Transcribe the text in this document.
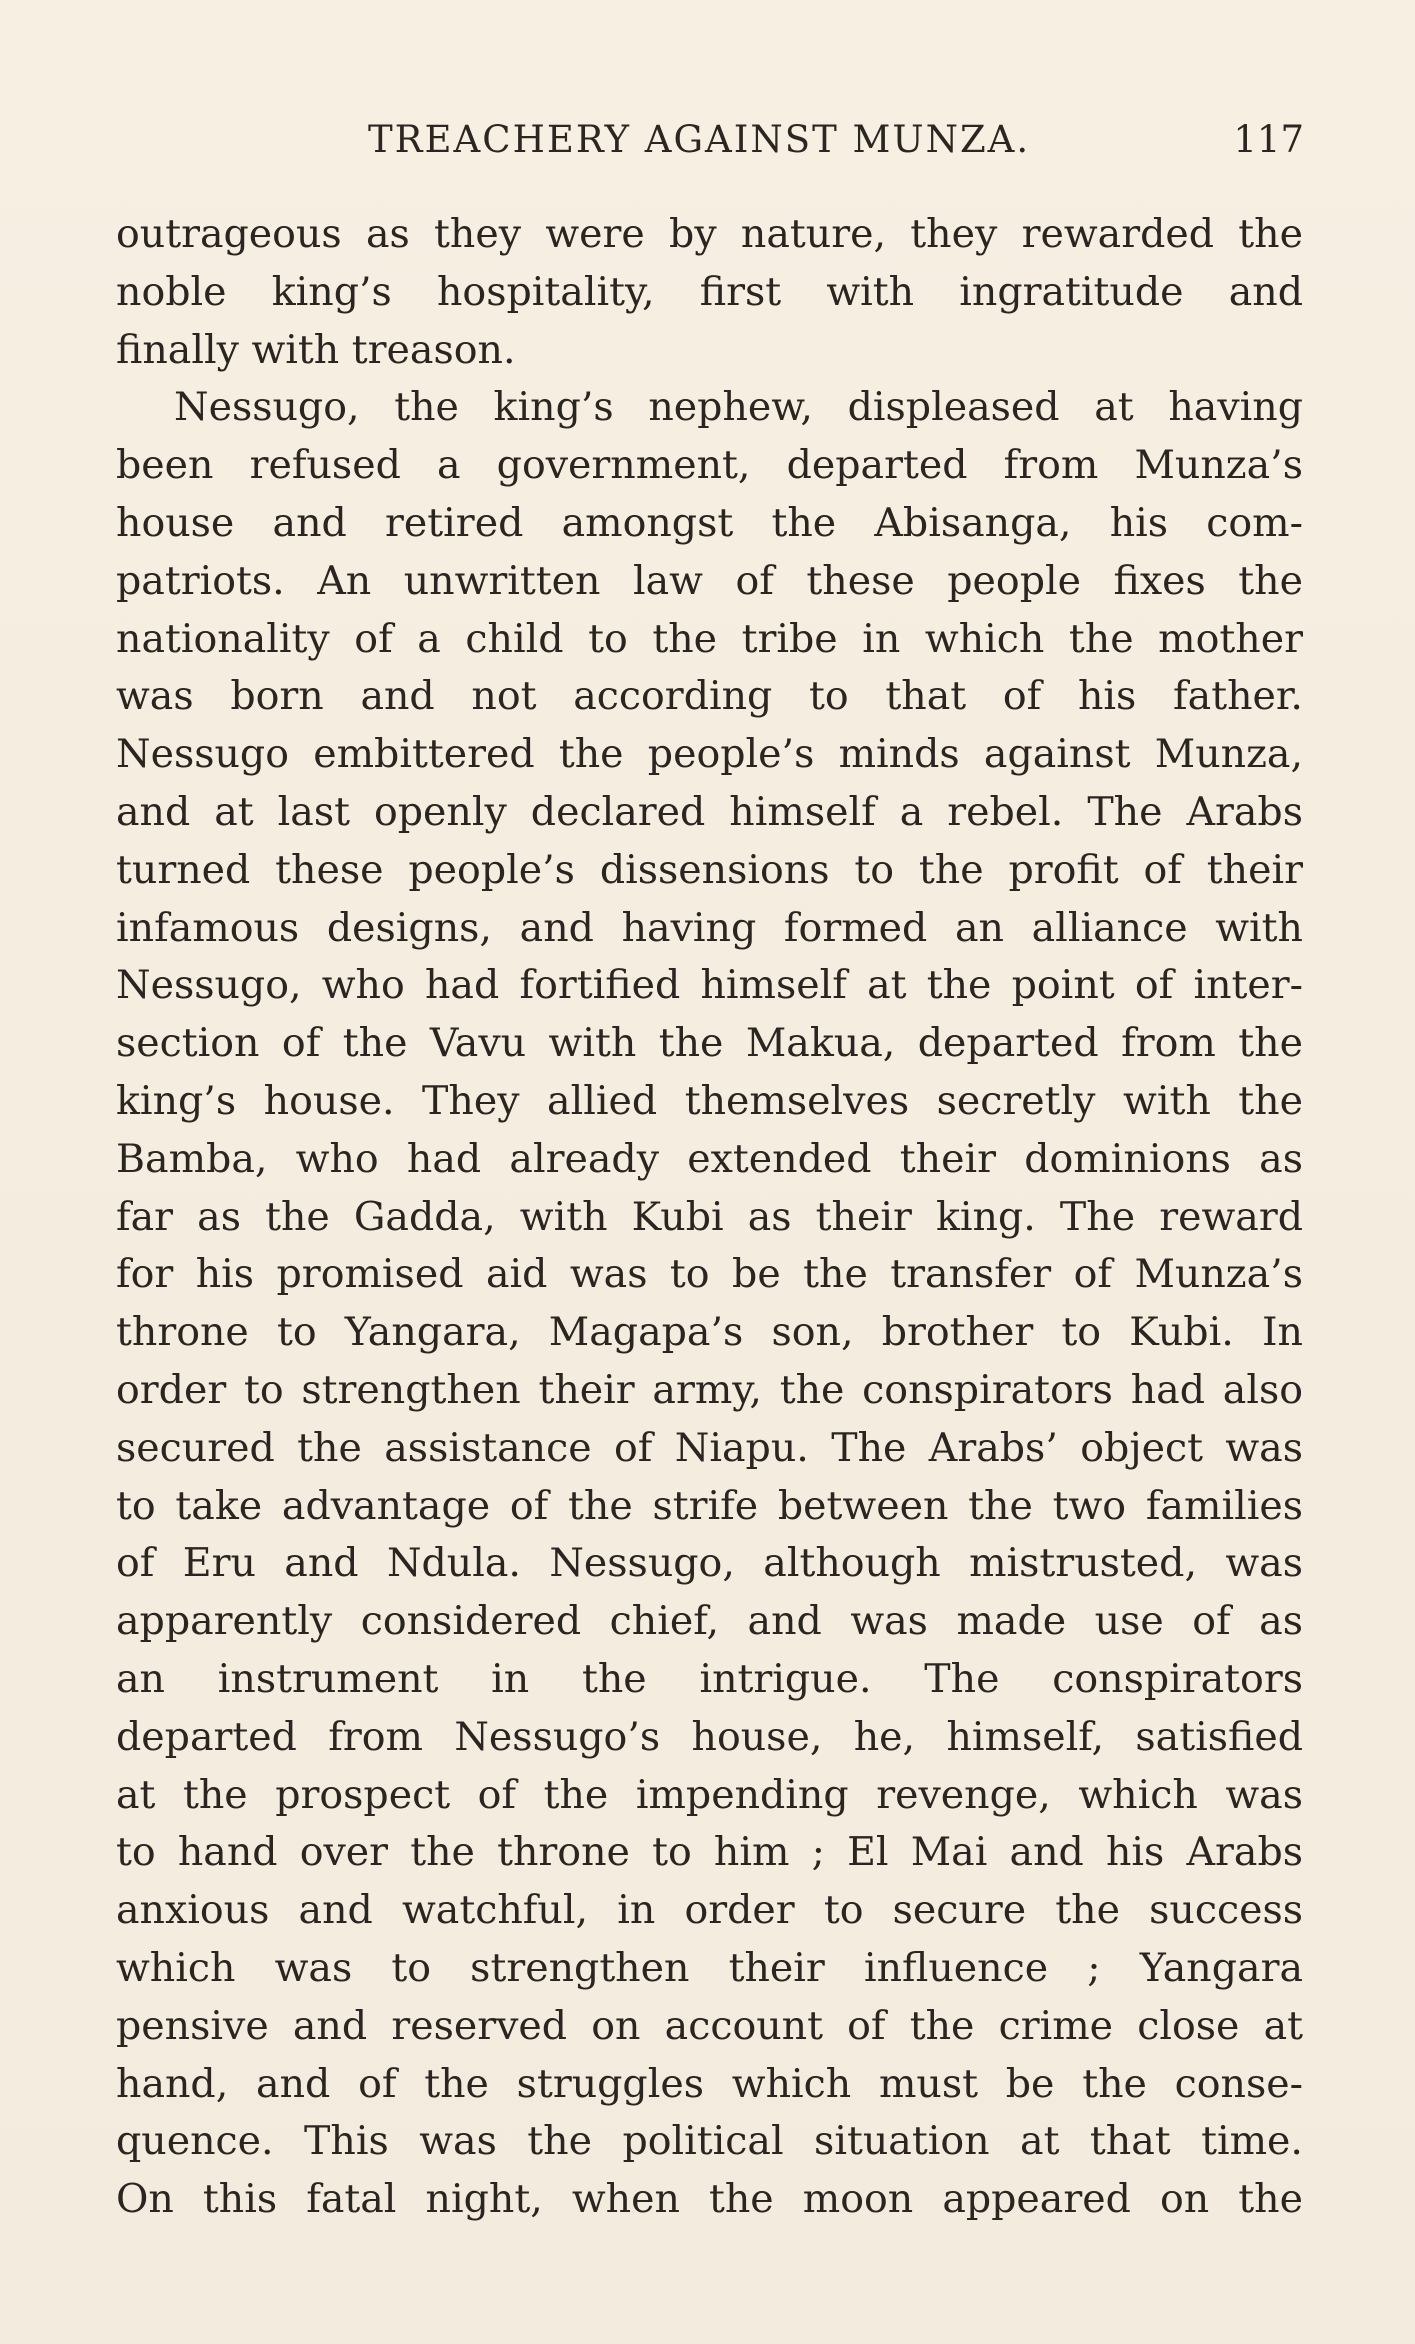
TREACHERY AGAINST MUNZA.	117
outrageous as they were by nature, they rewarded the
noble king’s hospitality, first with ingratitude and
finally with treason.
Nessugo, the king’s nephew, displeased at having
been refused a government, departed from Munza’s
house and retired amongst the Abisanga, his com-
patriots. An unwritten law of these people fixes the
nationality of a child to the tribe in which the mother
was born and not according to that of his father.
Nessugo embittered the people’s minds against Munza,
and at last openly declared himself a rebel. The Arabs
turned these people’s dissensions to the profit of their
infamous designs, and having formed an alliance with
Nessugo, who had fortified himself at the point of inter-
section of the Vavu with the Makua, departed from the
king’s house. They allied themselves secretly with the
Bamba, who had already extended their dominions as
far as the Gadda, with Kubi as their king. The reward
for his promised aid was to be the transfer of Munza’s
throne to Yangara, Magapa’s son, brother to Kubi. In
order to strengthen their army, the conspirators had also
secured the assistance of Niapu. The Arabs’ object was
to take advantage of the strife between the two families
of Eru and Ndula. Nessugo, although mistrusted, was
apparently considered chief, and was made use of as
an instrument in the intrigue. The conspirators
departed from Nessugo’s house, he, himself, satisfied
at the prospect of the impending revenge, which was
to hand over the throne to him ; El Mai and his Arabs
anxious and watchful, in order to secure the success
which was to strengthen their influence ; Yangara
pensive and reserved on account of the crime close at
hand, and of the struggles which must be the conse-
quence. This was the political situation at that time.
On this fatal night, when the moon appeared on the
